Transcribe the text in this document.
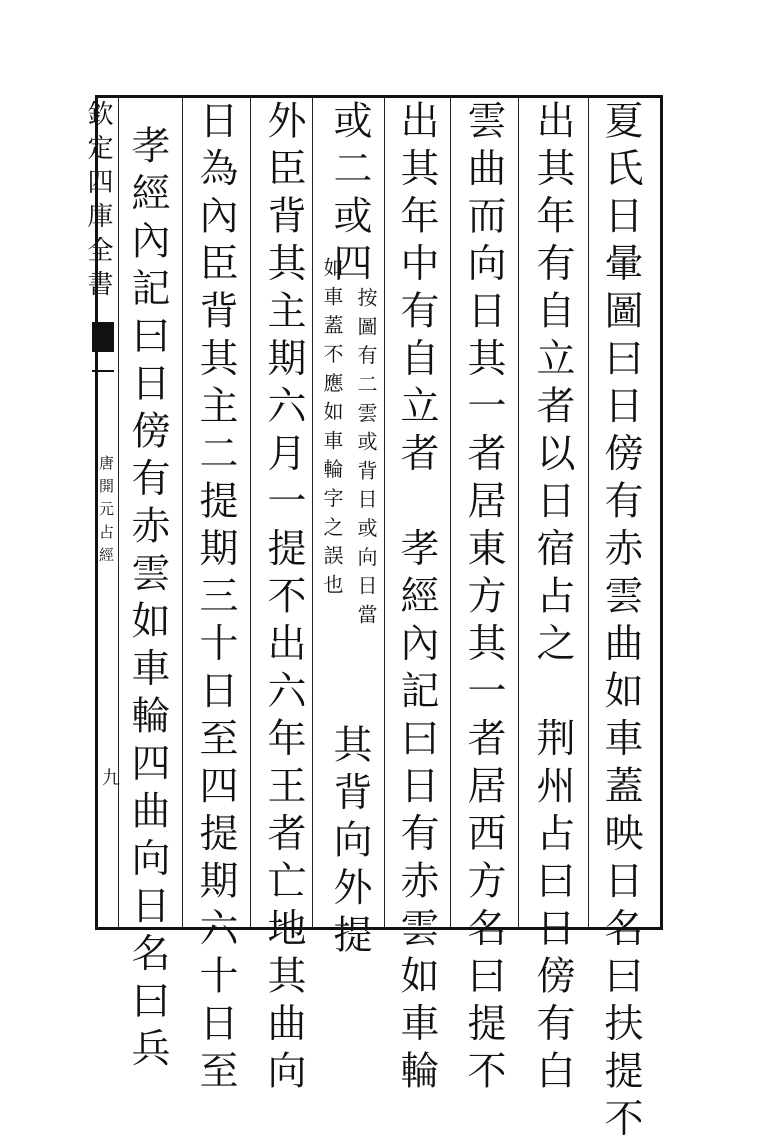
欽定四庫全書
唐開元占經
九	夏氏日暈圖曰日傍有赤雲曲如車蓋映日名曰扶提不
出其年有自立者以日宿占之　荆州占曰日傍有白
雲曲而向日其一者居東方其一者居西方名曰提不
出其年中有自立者　孝經內記曰日有赤雲如車輪
或二或四
按圖有二雲或背日或向日當
如車蓋不應如車輪字之誤也
其背向外提
外臣背其主期六月一提不出六年王者亡地其曲向
日為內臣背其主二提期三十日至四提期六十日至
孝經內記曰日傍有赤雲如車輪四曲向日名曰兵
